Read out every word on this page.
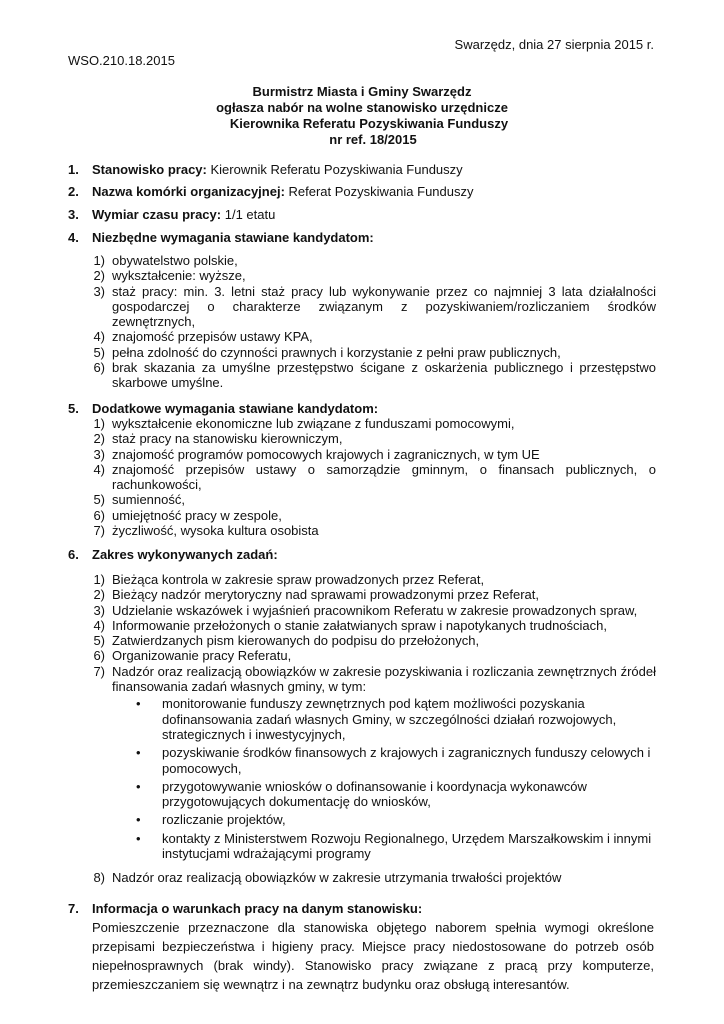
Swarzędz, dnia 27 sierpnia 2015 r.
WSO.210.18.2015
Burmistrz Miasta i Gminy Swarzędz
ogłasza nabór na wolne stanowisko urzędnicze
Kierownika Referatu Pozyskiwania Funduszy
nr ref. 18/2015
1. Stanowisko pracy: Kierownik Referatu Pozyskiwania Funduszy
2. Nazwa komórki organizacyjnej: Referat Pozyskiwania Funduszy
3. Wymiar czasu pracy: 1/1 etatu
4. Niezbędne wymagania stawiane kandydatom:
1) obywatelstwo polskie,
2) wykształcenie: wyższe,
3) staż pracy: min. 3. letni staż pracy lub wykonywanie przez co najmniej 3 lata działalności gospodarczej o charakterze związanym z pozyskiwaniem/rozliczaniem środków zewnętrznych,
4) znajomość przepisów ustawy KPA,
5) pełna zdolność do czynności prawnych i korzystanie z pełni praw publicznych,
6) brak skazania za umyślne przestępstwo ścigane z oskarżenia publicznego i przestępstwo skarbowe umyślne.
5. Dodatkowe wymagania stawiane kandydatom:
1) wykształcenie ekonomiczne lub związane z funduszami pomocowymi,
2) staż pracy na stanowisku kierowniczym,
3) znajomość programów pomocowych krajowych i zagranicznych, w tym UE
4) znajomość przepisów ustawy o samorządzie gminnym, o finansach publicznych, o rachunkowości,
5) sumienność,
6) umiejętność pracy w zespole,
7) życzliwość, wysoka kultura osobista
6. Zakres wykonywanych zadań:
1) Bieżąca kontrola w zakresie spraw prowadzonych przez Referat,
2) Bieżący nadzór merytoryczny nad sprawami prowadzonymi przez Referat,
3) Udzielanie wskazówek i wyjaśnień pracownikom Referatu w zakresie prowadzonych spraw,
4) Informowanie przełożonych o stanie załatwianych spraw i napotykanych trudnościach,
5) Zatwierdzanych pism kierowanych do podpisu do przełożonych,
6) Organizowanie pracy Referatu,
7) Nadzór oraz realizacją obowiązków w zakresie pozyskiwania i rozliczania zewnętrznych źródeł finansowania zadań własnych gminy, w tym:
• monitorowanie funduszy zewnętrznych pod kątem możliwości pozyskania dofinansowania zadań własnych Gminy, w szczególności działań rozwojowych, strategicznych i inwestycyjnych,
• pozyskiwanie środków finansowych z krajowych i zagranicznych funduszy celowych i pomocowych,
• przygotowywanie wniosków o dofinansowanie i koordynacja wykonawców przygotowujących dokumentację do wniosków,
• rozliczanie projektów,
• kontakty z Ministerstwem Rozwoju Regionalnego, Urzędem Marszałkowskim i innymi instytucjami wdrażającymi programy
8) Nadzór oraz realizacją obowiązków w zakresie utrzymania trwałości projektów
7. Informacja o warunkach pracy na danym stanowisku:
Pomieszczenie przeznaczone dla stanowiska objętego naborem spełnia wymogi określone przepisami bezpieczeństwa i higieny pracy. Miejsce pracy niedostosowane do potrzeb osób niepełnosprawnych (brak windy). Stanowisko pracy związane z pracą przy komputerze, przemieszczaniem się wewnątrz i na zewnątrz budynku oraz obsługą interesantów.
